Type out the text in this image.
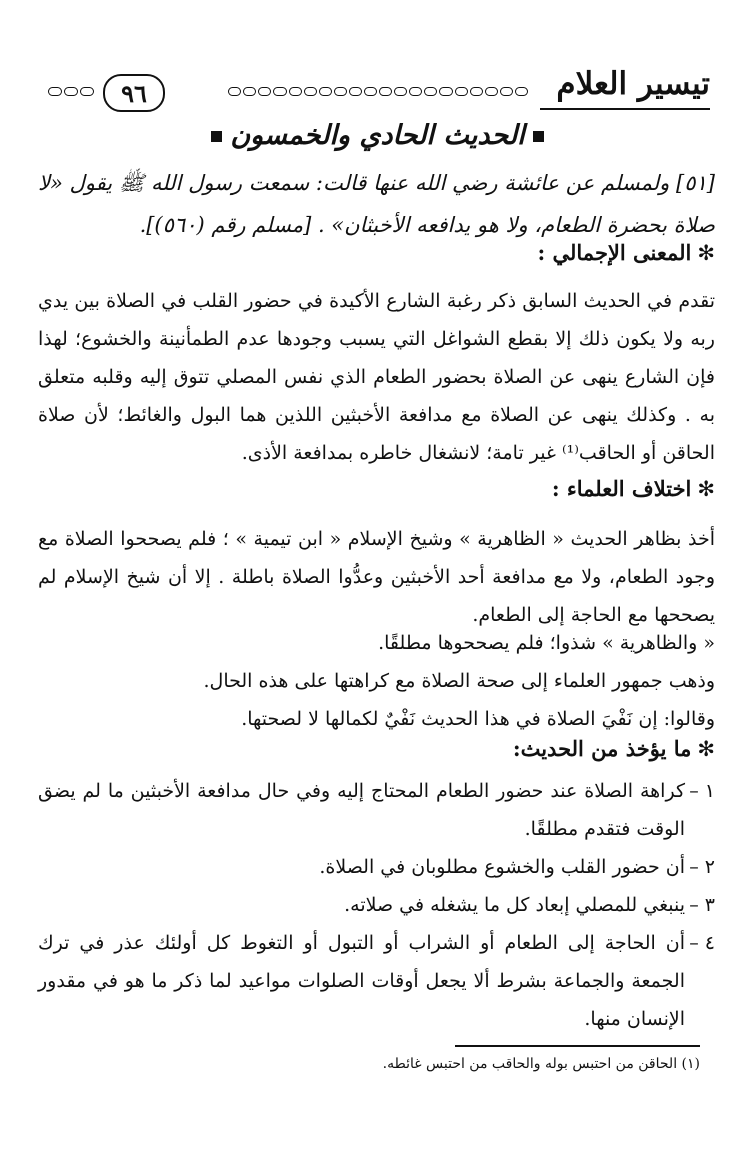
تيسير العلام
٩٦
الحديث الحادي والخمسون
[٥١] ولمسلم عن عائشة رضي الله عنها قالت: سمعت رسول الله ﷺ يقول «لا صلاة بحضرة الطعام، ولا هو يدافعه الأخبثان» . [مسلم رقم (٥٦٠)].
✻المعنى الإجمالي :
تقدم في الحديث السابق ذكر رغبة الشارع الأكيدة في حضور القلب في الصلاة بين يدي ربه ولا يكون ذلك إلا بقطع الشواغل التي يسبب وجودها عدم الطمأنينة والخشوع؛ لهذا فإن الشارع ينهى عن الصلاة بحضور الطعام الذي نفس المصلي تتوق إليه وقلبه متعلق به . وكذلك ينهى عن الصلاة مع مدافعة الأخبثين اللذين هما البول والغائط؛ لأن صلاة الحاقن أو الحاقب⁽¹⁾ غير تامة؛ لانشغال خاطره بمدافعة الأذى.
✻اختلاف العلماء :
أخذ بظاهر الحديث « الظاهرية » وشيخ الإسلام « ابن تيمية » ؛ فلم يصححوا الصلاة مع وجود الطعام، ولا مع مدافعة أحد الأخبثين وعدُّوا الصلاة باطلة . إلا أن شيخ الإسلام لم يصححها مع الحاجة إلى الطعام.
« والظاهرية » شذوا؛ فلم يصححوها مطلقًا.
وذهب جمهور العلماء إلى صحة الصلاة مع كراهتها على هذه الحال.
وقالوا: إن نَفْيَ الصلاة في هذا الحديث نَفْيٌ لكمالها لا لصحتها.
✻ما يؤخذ من الحديث:
١ –
كراهة الصلاة عند حضور الطعام المحتاج إليه وفي حال مدافعة الأخبثين ما لم يضق الوقت فتقدم مطلقًا.
٢ –
أن حضور القلب والخشوع مطلوبان في الصلاة.
٣ –
ينبغي للمصلي إبعاد كل ما يشغله في صلاته.
٤ –
أن الحاجة إلى الطعام أو الشراب أو التبول أو التغوط كل أولئك عذر في ترك الجمعة والجماعة بشرط ألا يجعل أوقات الصلوات مواعيد لما ذكر ما هو في مقدور الإنسان منها.
(١) الحاقن من احتبس بوله والحاقب من احتبس غائطه.
